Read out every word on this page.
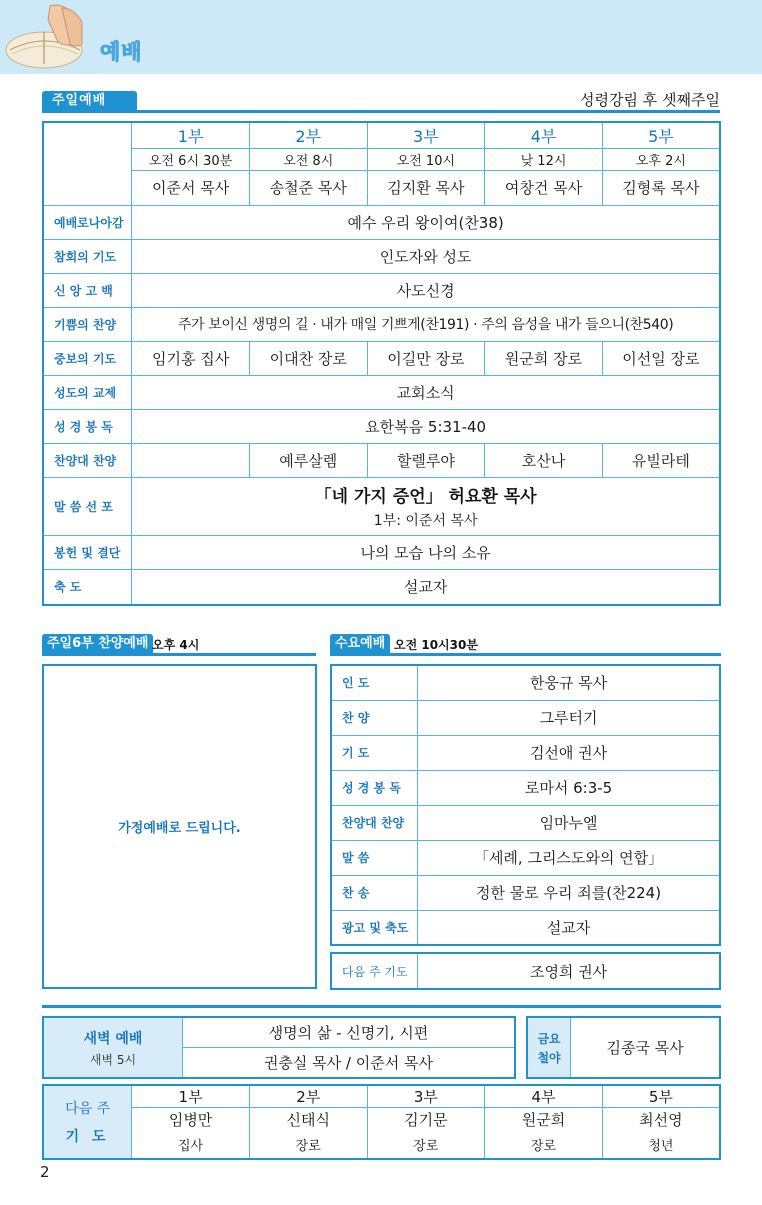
예배
주일예배	성령강림 후 셋째주일
	1부	2부	3부	4부	5부
	오전 6시 30분	오전 8시	오전 10시	낮 12시	오후 2시
	이준서 목사	송철준 목사	김지환 목사	여창건 목사	김형록 목사
예배로나아감	예수 우리 왕이여(찬38)				
참회의 기도	인도자와 성도				
신 앙 고 백	사도신경				
기쁨의 찬양	주가 보이신 생명의 길 · 내가 매일 기쁘게(찬191) · 주의 음성을 내가 들으니(찬540)				
중보의 기도	임기홍 집사	이대찬 장로	이길만 장로	원군희 장로	이선일 장로
성도의 교제	교회소식				
성 경 봉 독	요한복음 5:31-40				
찬양대 찬양		예루살렘	할렐루야	호산나	유빌라테
말 씀 선 포	「네 가지 증언」 허요환 목사
1부: 이준서 목사				

봉헌 및 결단	나의 모습 나의 소유				
축 도	설교자				
주일6부 찬양예배 오후 4시
가정예배로 드립니다.
수요예배 오전 10시30분
인 도	한웅규 목사
찬 양	그루터기
기 도	김선애 권사
성 경 봉 독	로마서 6:3-5
찬양대 찬양	임마누엘
말 씀	「세례, 그리스도와의 연합」
찬 송	정한 물로 우리 죄를(찬224)
광고 및 축도	설교자
다음 주 기도	조영희 권사
새벽 예배
새벽 5시
	생명의 삶 - 신명기, 시편
권충실 목사 / 이준서 목사
금요
철야
	김종국 목사
다음 주
기 도	1부	2부	3부	4부	5부
	임병만	신태식	김기문	원군희	최선영
	집사	장로	장로	장로	청년
2
